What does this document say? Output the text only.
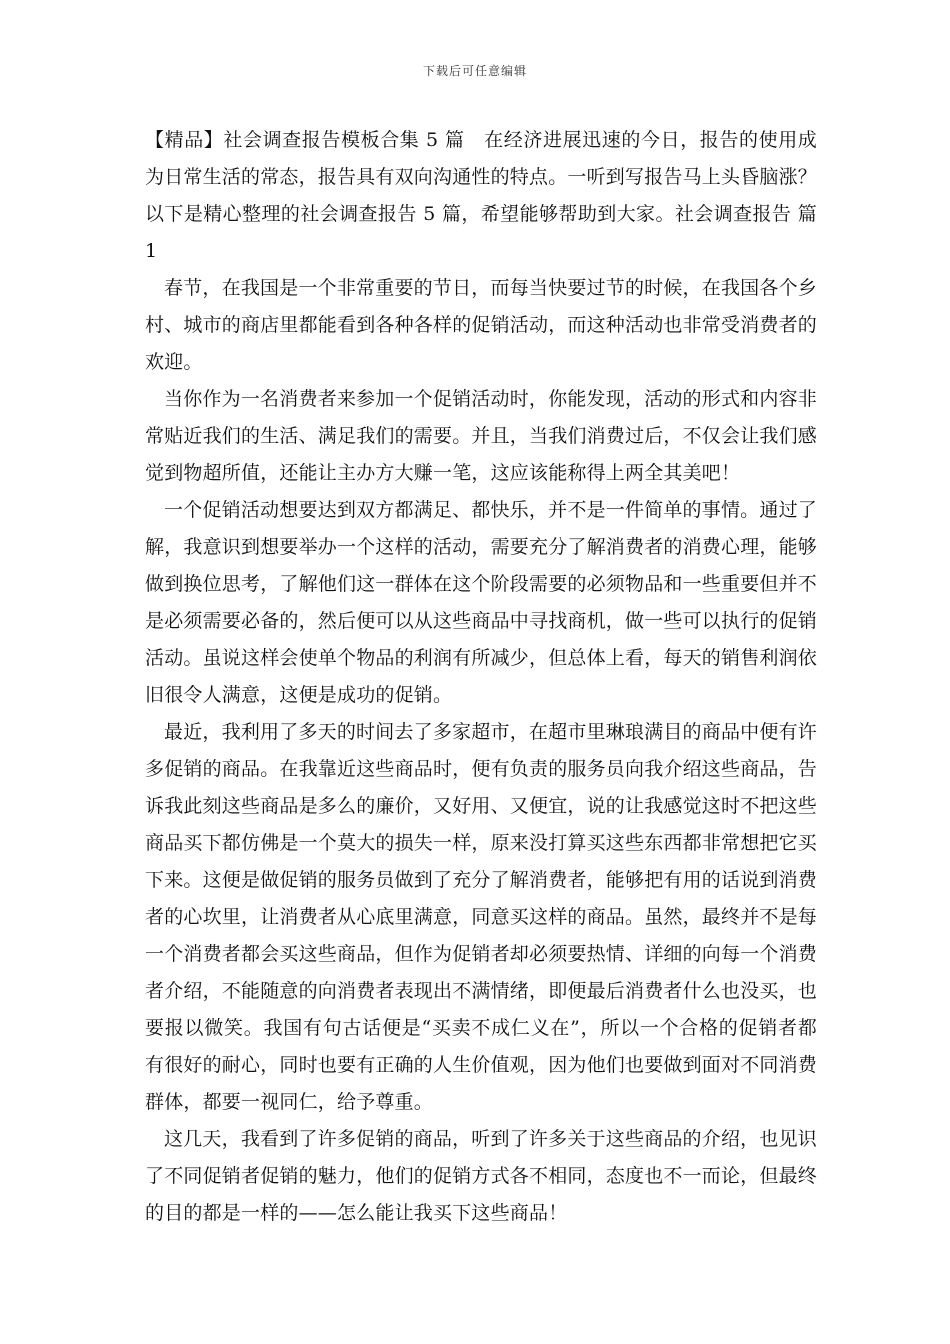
下载后可任意编辑

【精品】社会调查报告模板合集 5 篇　在经济进展迅速的今日，报告的使用成为日常生活的常态，报告具有双向沟通性的特点。一听到写报告马上头昏脑涨？以下是精心整理的社会调查报告 5 篇，希望能够帮助到大家。社会调查报告 篇 1

春节，在我国是一个非常重要的节日，而每当快要过节的时候，在我国各个乡村、城市的商店里都能看到各种各样的促销活动，而这种活动也非常受消费者的欢迎。

当你作为一名消费者来参加一个促销活动时，你能发现，活动的形式和内容非常贴近我们的生活、满足我们的需要。并且，当我们消费过后，不仅会让我们感觉到物超所值，还能让主办方大赚一笔，这应该能称得上两全其美吧！

一个促销活动想要达到双方都满足、都快乐，并不是一件简单的事情。通过了解，我意识到想要举办一个这样的活动，需要充分了解消费者的消费心理，能够做到换位思考，了解他们这一群体在这个阶段需要的必须物品和一些重要但并不是必须需要必备的，然后便可以从这些商品中寻找商机，做一些可以执行的促销活动。虽说这样会使单个物品的利润有所减少，但总体上看，每天的销售利润依旧很令人满意，这便是成功的促销。

最近，我利用了多天的时间去了多家超市，在超市里琳琅满目的商品中便有许多促销的商品。在我靠近这些商品时，便有负责的服务员向我介绍这些商品，告诉我此刻这些商品是多么的廉价，又好用、又便宜，说的让我感觉这时不把这些商品买下都仿佛是一个莫大的损失一样，原来没打算买这些东西都非常想把它买下来。这便是做促销的服务员做到了充分了解消费者，能够把有用的话说到消费者的心坎里，让消费者从心底里满意，同意买这样的商品。虽然，最终并不是每一个消费者都会买这些商品，但作为促销者却必须要热情、详细的向每一个消费者介绍，不能随意的向消费者表现出不满情绪，即便最后消费者什么也没买，也要报以微笑。我国有句古话便是“买卖不成仁义在”，所以一个合格的促销者都有很好的耐心，同时也要有正确的人生价值观，因为他们也要做到面对不同消费群体，都要一视同仁，给予尊重。

这几天，我看到了许多促销的商品，听到了许多关于这些商品的介绍，也见识了不同促销者促销的魅力，他们的促销方式各不相同，态度也不一而论，但最终的目的都是一样的——怎么能让我买下这些商品！
